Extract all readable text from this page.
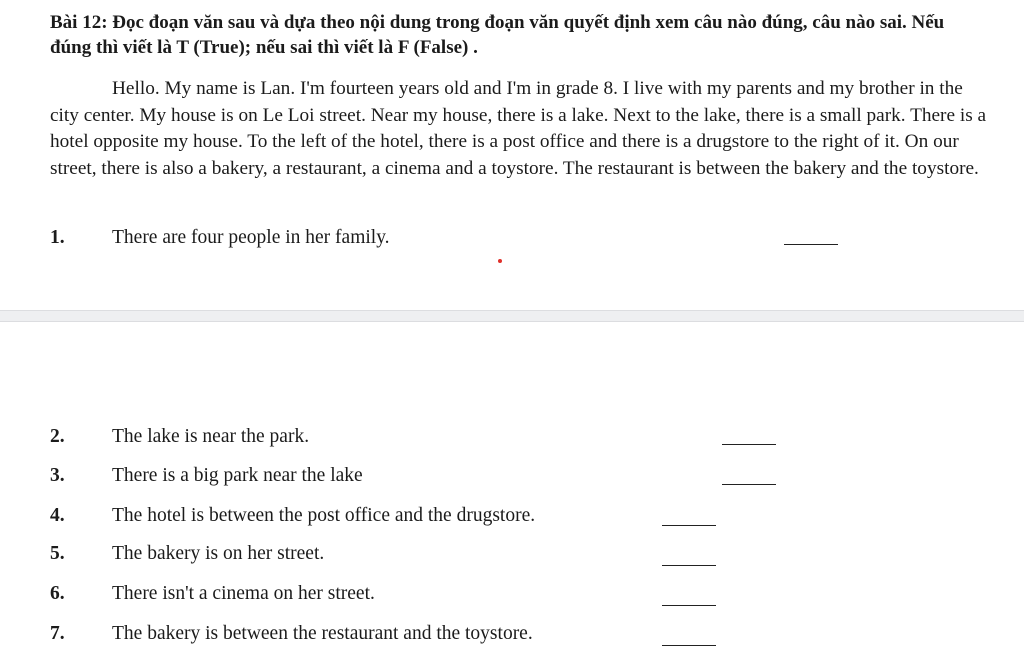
Bài 12: Đọc đoạn văn sau và dựa theo nội dung trong đoạn văn quyết định xem câu nào đúng, câu nào sai. Nếu đúng thì viết là T (True); nếu sai thì viết là F (False) .

Hello. My name is Lan. I'm fourteen years old and I'm in grade 8. I live with my parents and my brother in the city center. My house is on Le Loi street. Near my house, there is a lake. Next to the lake, there is a small park. There is a hotel opposite my house. To the left of the hotel, there is a post office and there is a drugstore to the right of it. On our street, there is also a bakery, a restaurant, a cinema and a toystore. The restaurant is between the bakery and the toystore.

1. There are four people in her family.
2. The lake is near the park.
3. There is a big park near the lake
4. The hotel is between the post office and the drugstore.
5. The bakery is on her street.
6. There isn't a cinema on her street.
7. The bakery is between the restaurant and the toystore.
